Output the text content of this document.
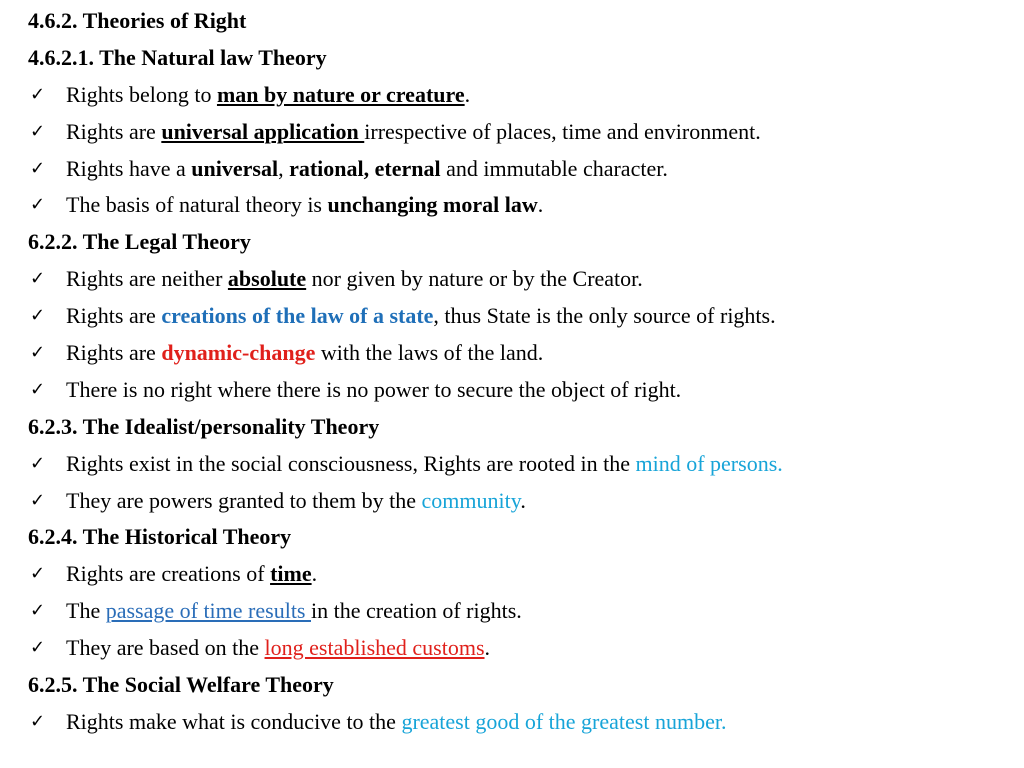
4.6.2. Theories of Right
4.6.2.1. The Natural law Theory
✓ Rights belong to man by nature or creature.
✓ Rights are universal application irrespective of places, time and environment.
✓ Rights have a universal, rational, eternal and immutable character.
✓ The basis of natural theory is unchanging moral law.
6.2.2. The Legal Theory
✓ Rights are neither absolute nor given by nature or by the Creator.
✓ Rights are creations of the law of a state, thus State is the only source of rights.
✓ Rights are dynamic-change with the laws of the land.
✓ There is no right where there is no power to secure the object of right.
6.2.3. The Idealist/personality Theory
✓ Rights exist in the social consciousness, Rights are rooted in the mind of persons.
✓ They are powers granted to them by the community.
6.2.4. The Historical Theory
✓ Rights are creations of time.
✓ The passage of time results in the creation of rights.
✓ They are based on the long established customs.
6.2.5. The Social Welfare Theory
✓ Rights make what is conducive to the greatest good of the greatest number.
